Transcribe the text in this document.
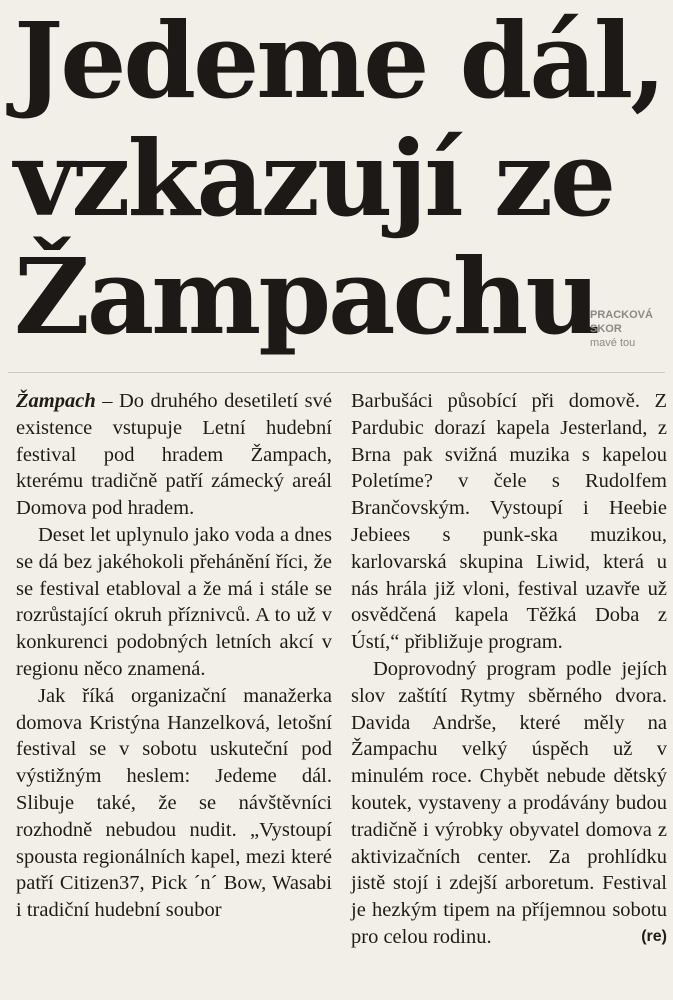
Jedeme dál,
vzkazují ze
Žampachu
PRACKOVÁ SKOR
mavé tou

Žampach – Do druhého desetiletí své existence vstupuje Letní hudební festival pod hradem Žampach, kterému tradičně patří zámecký areál Domova pod hradem.

Deset let uplynulo jako voda a dnes se dá bez jakéhokoli přehánění říci, že se festival etabloval a že má i stále se rozrůstající okruh příznivců. A to už v konkurenci podobných letních akcí v regionu něco znamená.

Jak říká organizační manažerka domova Kristýna Hanzelková, letošní festival se v sobotu uskuteční pod výstižným heslem: Jedeme dál. Slibuje také, že se návštěvníci rozhodně nebudou nudit. „Vystoupí spousta regionálních kapel, mezi které patří Citizen37, Pick ´n´ Bow, Wasabi i tradiční hudební soubor

Barbušáci působící při domově. Z Pardubic dorazí kapela Jesterland, z Brna pak svižná muzika s kapelou Poletíme? v čele s Rudolfem Brančovským. Vystoupí i Heebie Jebiees s punk-ska muzikou, karlovarská skupina Liwid, která u nás hrála již vloni, festival uzavře už osvědčená kapela Těžká Doba z Ústí,“ přibližuje program.

Doprovodný program podle jejích slov zaštítí Rytmy sběrného dvora. Davida Andrše, které měly na Žampachu velký úspěch už v minulém roce. Chybět nebude dětský koutek, vystaveny a prodávány budou tradičně i výrobky obyvatel domova z aktivizačních center. Za prohlídku jistě stojí i zdejší arboretum. Festival je hezkým tipem na příjemnou sobotu pro celou rodinu.	(re)
